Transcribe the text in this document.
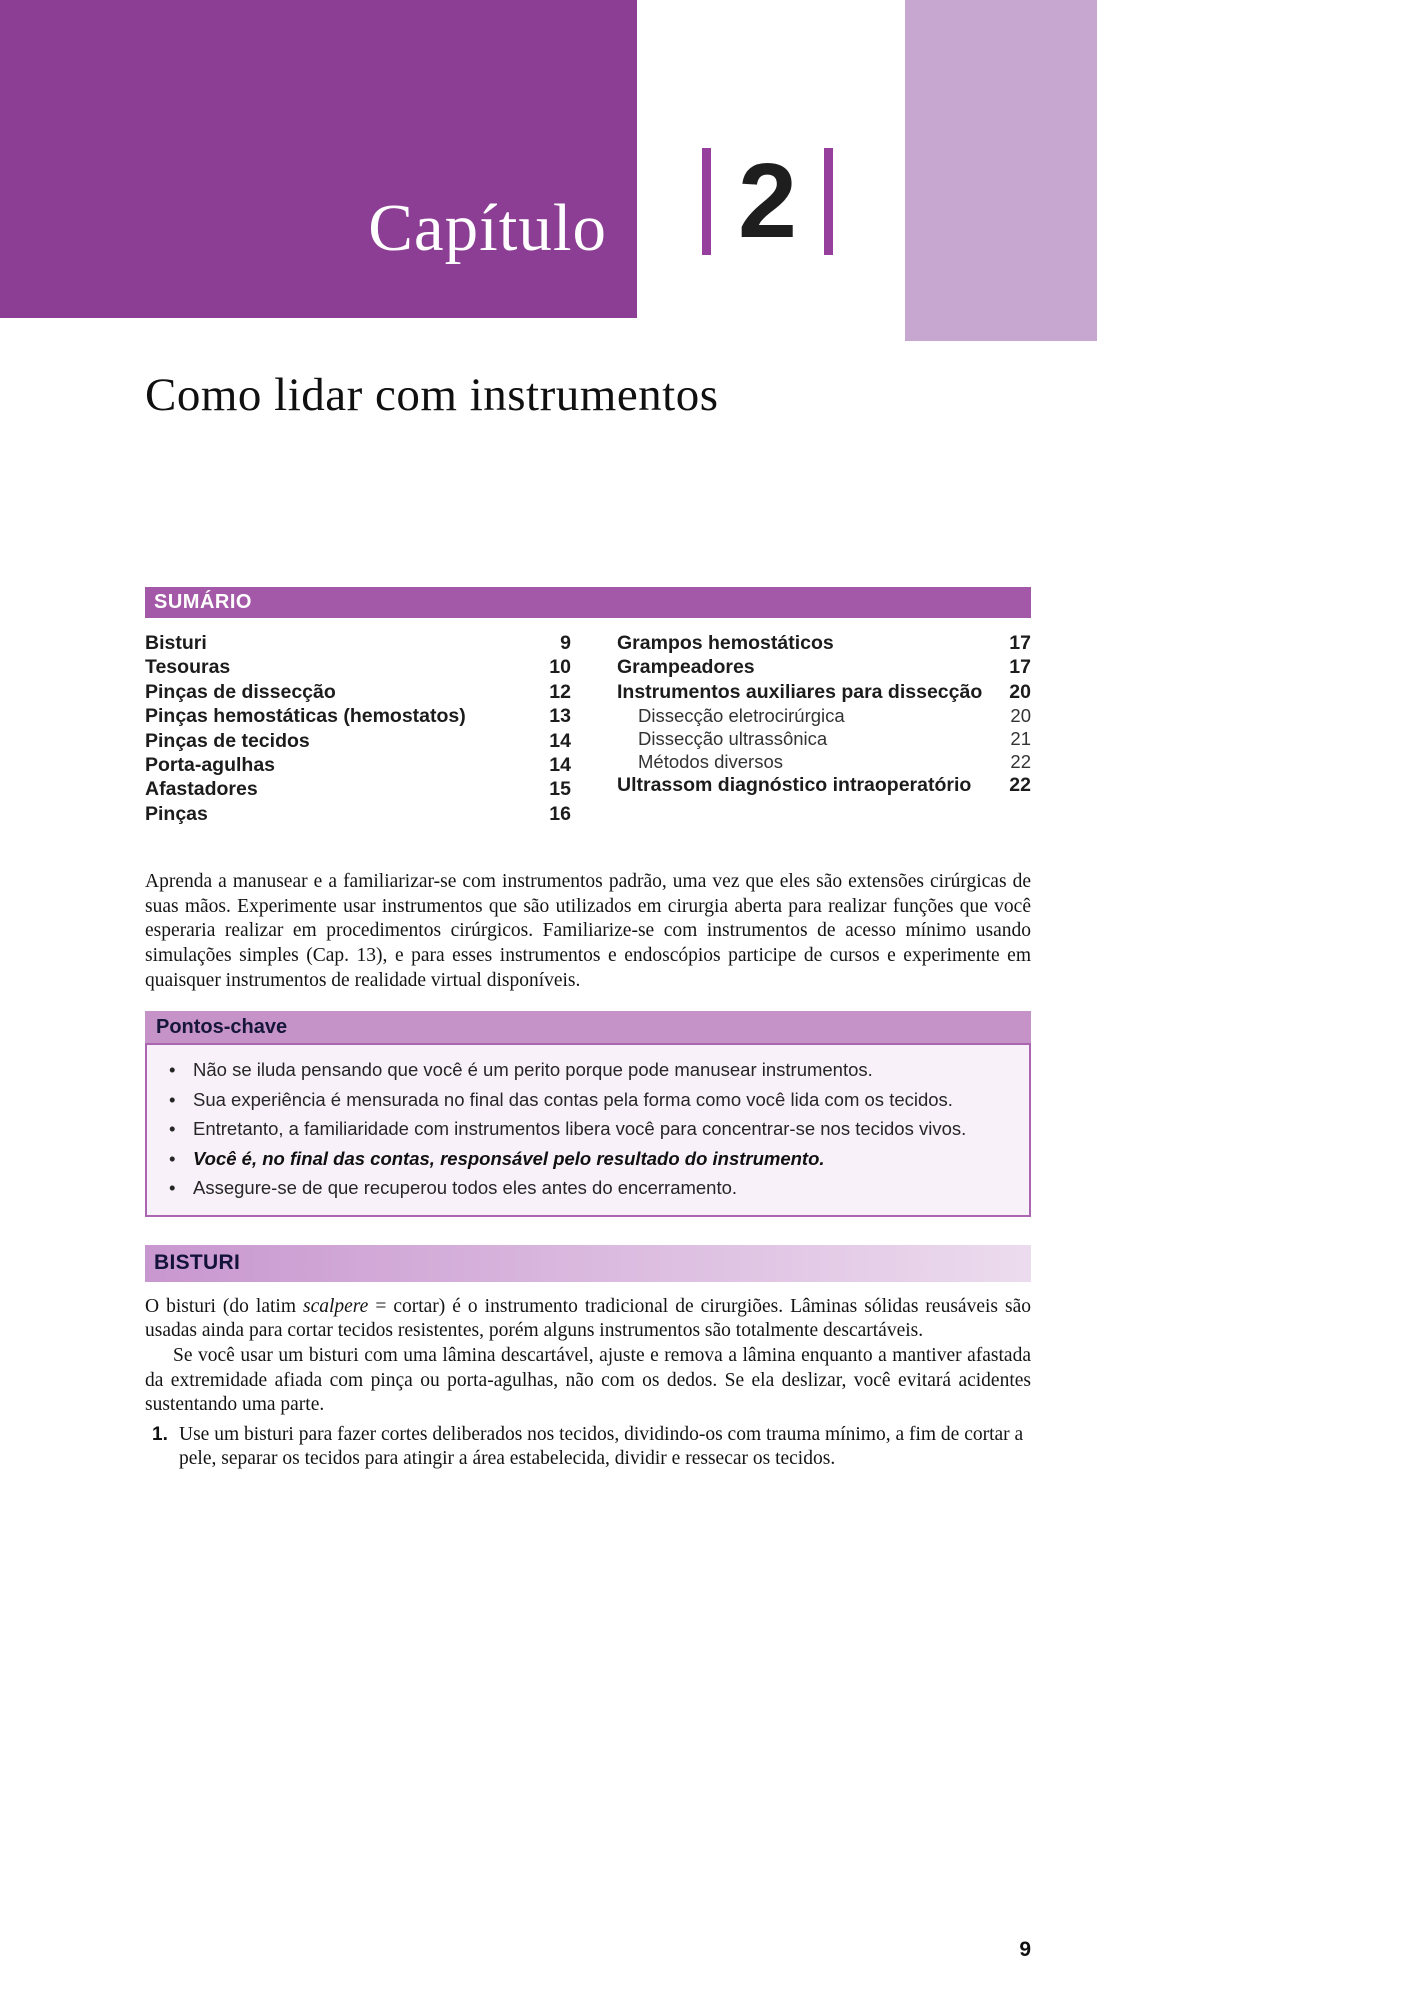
Capítulo 2
Como lidar com instrumentos
SUMÁRIO
Bisturi	9
Tesouras	10
Pinças de dissecção	12
Pinças hemostáticas (hemostatos)	13
Pinças de tecidos	14
Porta-agulhas	14
Afastadores	15
Pinças	16
Grampos hemostáticos	17
Grampeadores	17
Instrumentos auxiliares para dissecção	20
Dissecção eletrocirúrgica	20
Dissecção ultrassônica	21
Métodos diversos	22
Ultrassom diagnóstico intraoperatório	22

Aprenda a manusear e a familiarizar-se com instrumentos padrão, uma vez que eles são extensões cirúrgicas de suas mãos. Experimente usar instrumentos que são utilizados em cirurgia aberta para realizar funções que você esperaria realizar em procedimentos cirúrgicos. Familiarize-se com instrumentos de acesso mínimo usando simulações simples (Cap. 13), e para esses instrumentos e endoscópios participe de cursos e experimente em quaisquer instrumentos de realidade virtual disponíveis.

Pontos-chave
• Não se iluda pensando que você é um perito porque pode manusear instrumentos.
• Sua experiência é mensurada no final das contas pela forma como você lida com os tecidos.
• Entretanto, a familiaridade com instrumentos libera você para concentrar-se nos tecidos vivos.
• Você é, no final das contas, responsável pelo resultado do instrumento.
• Assegure-se de que recuperou todos eles antes do encerramento.
BISTURI

O bisturi (do latim scalpere = cortar) é o instrumento tradicional de cirurgiões. Lâminas sólidas reusáveis são usadas ainda para cortar tecidos resistentes, porém alguns instrumentos são totalmente descartáveis.

Se você usar um bisturi com uma lâmina descartável, ajuste e remova a lâmina enquanto a mantiver afastada da extremidade afiada com pinça ou porta-agulhas, não com os dedos. Se ela deslizar, você evitará acidentes sustentando uma parte.

1. Use um bisturi para fazer cortes deliberados nos tecidos, dividindo-os com trauma mínimo, a fim de cortar a pele, separar os tecidos para atingir a área estabelecida, dividir e ressecar os tecidos.
9
